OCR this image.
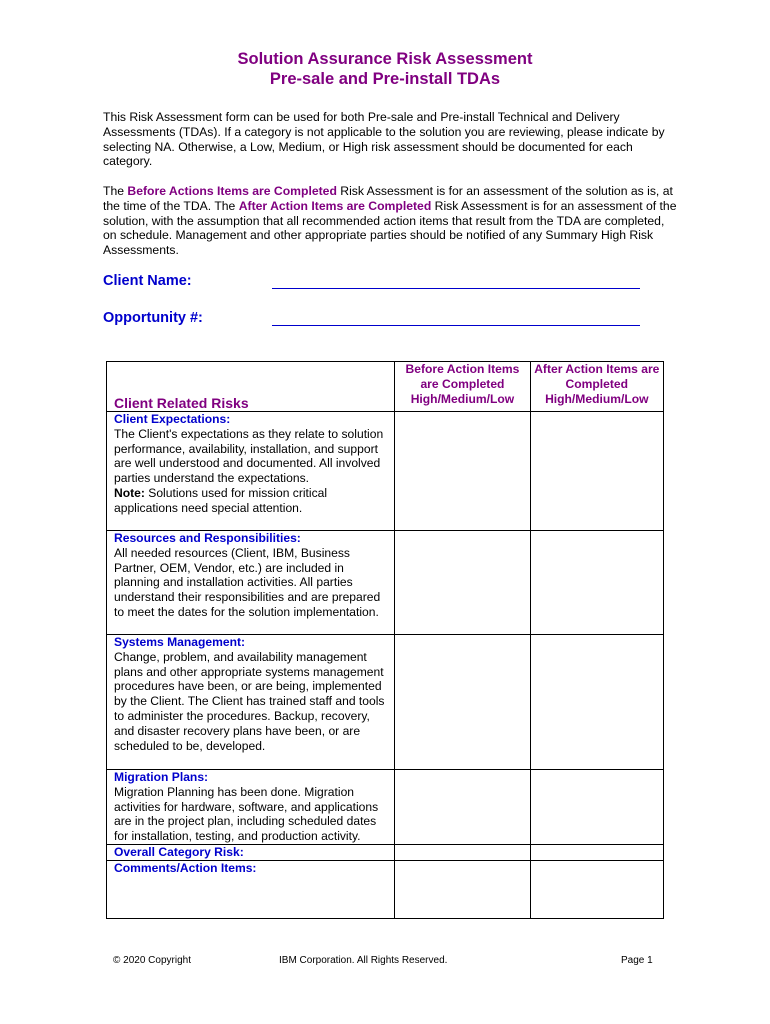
Solution Assurance Risk Assessment
Pre-sale and Pre-install TDAs
This Risk Assessment form can be used for both Pre-sale and Pre-install Technical and Delivery Assessments (TDAs). If a category is not applicable to the solution you are reviewing, please indicate by selecting NA. Otherwise, a Low, Medium, or High risk assessment should be documented for each category.
The Before Actions Items are Completed Risk Assessment is for an assessment of the solution as is, at the time of the TDA. The After Action Items are Completed Risk Assessment is for an assessment of the solution, with the assumption that all recommended action items that result from the TDA are completed, on schedule. Management and other appropriate parties should be notified of any Summary High Risk Assessments.
Client Name:
Opportunity #:
Client Related Risks	Before Action Items are Completed High/Medium/Low	After Action Items are Completed High/Medium/Low

Client Expectations:
The Client's expectations as they relate to solution performance, availability, installation, and support are well understood and documented. All involved parties understand the expectations.
Note: Solutions used for mission critical applications need special attention.		

Resources and Responsibilities:
All needed resources (Client, IBM, Business Partner, OEM, Vendor, etc.) are included in planning and installation activities. All parties understand their responsibilities and are prepared to meet the dates for the solution implementation.		

Systems Management:
Change, problem, and availability management plans and other appropriate systems management procedures have been, or are being, implemented by the Client. The Client has trained staff and tools to administer the procedures. Backup, recovery, and disaster recovery plans have been, or are scheduled to be, developed.		

Migration Plans:
Migration Planning has been done. Migration activities for hardware, software, and applications are in the project plan, including scheduled dates for installation, testing, and production activity.		

Overall Category Risk:		

Comments/Action Items:		

© 2020 Copyright	IBM Corporation. All Rights Reserved.	Page 1
